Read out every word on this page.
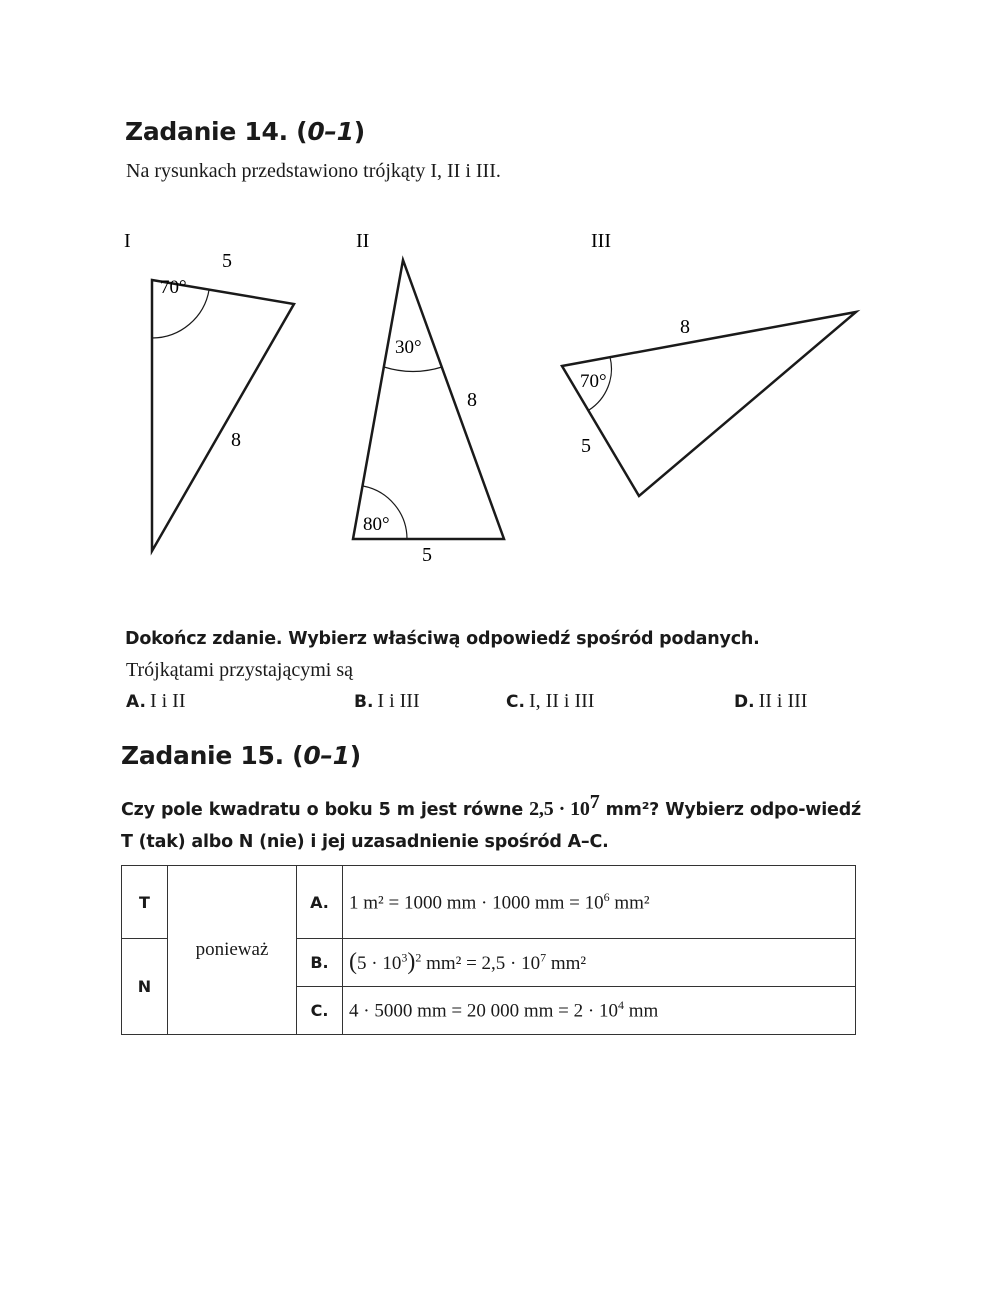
Zadanie 14. (0–1)
Na rysunkach przedstawiono trójkąty I, II i III.
I
70°
5
8
II
30°
80°
8
5
III
70°
8
5
Dokończ zdanie. Wybierz właściwą odpowiedź spośród podanych.
Trójkątami przystającymi są
A. I i II	B. I i III	C. I, II i III	D. II i III
Zadanie 15. (0–1)
Czy pole kwadratu o boku 5 m jest równe $2,5 \cdot 10^7$ mm²? Wybierz odpo-wiedź T (tak) albo N (nie) i jej uzasadnienie spośród A–C.
T	ponieważ	A.	1 m² = 1000 mm · 1000 mm = $10^6$ mm²
N		B.	$(5 \cdot 10^3)^2$ $mm^2 = 2,5 \cdot 10^7$ mm²
		C.	4 · 5000 mm = 20 000 mm = $2 \cdot 10^4$ mm
